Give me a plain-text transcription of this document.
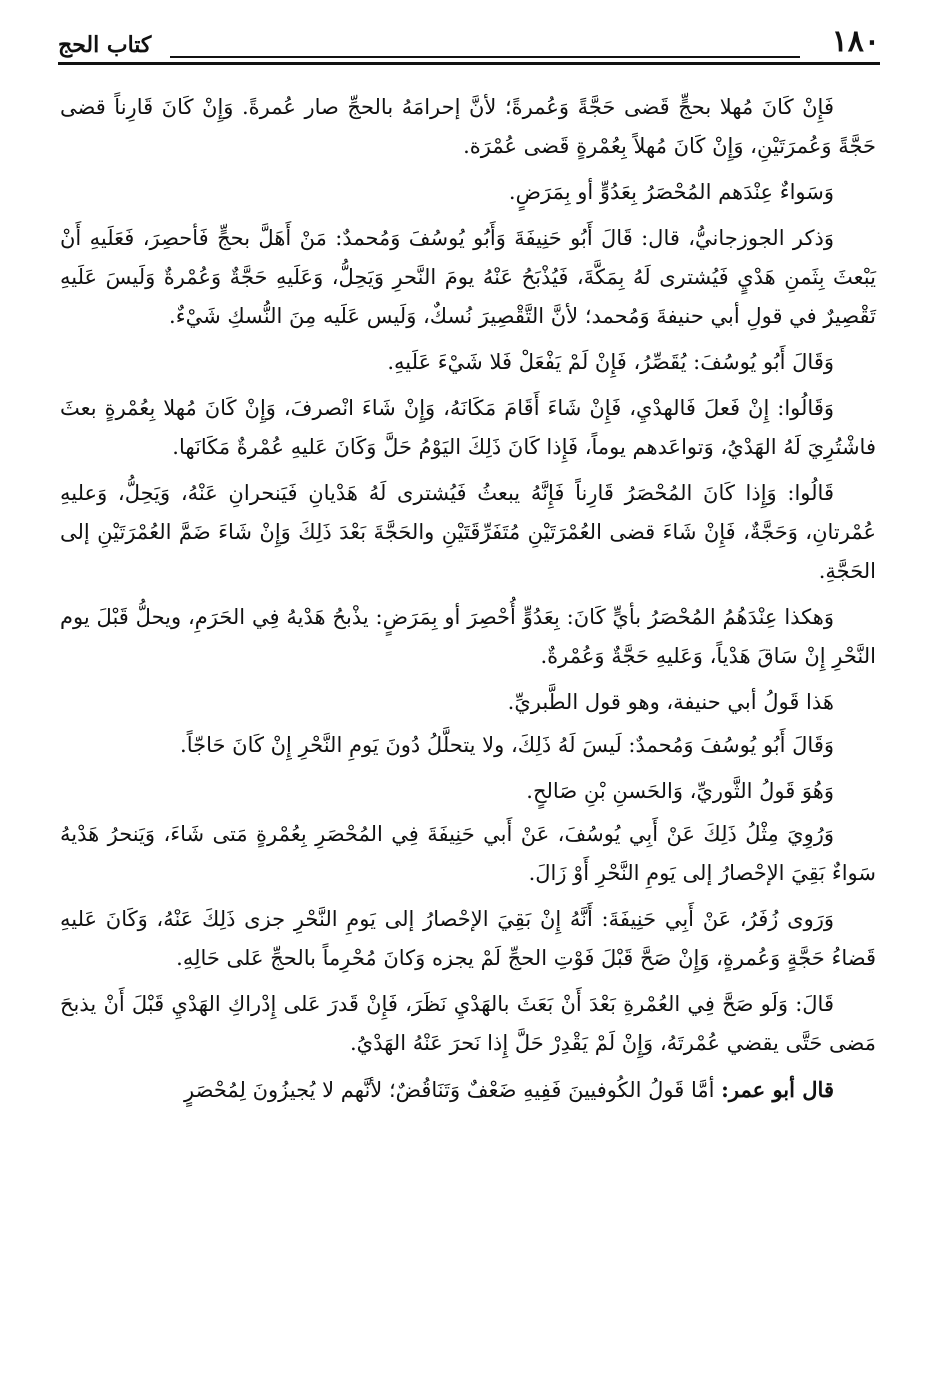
١٨٠
كتاب الحج

فَإِنْ كَانَ مُهلا بحجٍّ قَضى حَجَّةً وَعُمرةً؛ لأنَّ إحرامَهُ بالحجِّ صار عُمرةً. وَإِنْ كَانَ قَارِناً قضى حَجَّةً وَعُمرَتَيْنِ، وَإِنْ كَانَ مُهلاً بِعُمْرةٍ قَضى عُمْرَة.

وَسَواءٌ عِنْدَهم المُحْصَرُ بِعَدُوٍّ أو بِمَرَضٍ.

وَذكر الجوزجانيُّ، قال: قَالَ أَبُو حَنِيفَةَ وَأَبُو يُوسُفَ وَمُحمدٌ: مَنْ أَهَلَّ بحجٍّ فَأحصِرَ، فَعَلَيهِ أَنْ يَبْعثَ بِثَمنِ هَدْيٍ فَيُشترى لَهُ بِمَكَّةَ، فَيُذْبَحُ عَنْهُ يومَ النَّحرِ وَيَحِلُّ، وَعَلَيهِ حَجَّةٌ وَعُمْرةٌ وَلَيسَ عَلَيهِ تَقْصِيرٌ في قولِ أبي حنيفةَ وَمُحمد؛ لأنَّ التَّقْصِيرَ نُسكٌ، وَلَيس عَلَيه مِنَ النُّسكِ شَيْءٌ.

وَقَالَ أَبُو يُوسُفَ: يُقَصِّرُ، فَإِنْ لَمْ يَفْعَلْ فَلا شَيْءَ عَلَيهِ.

وَقَالُوا: إِنْ فَعلَ فَالهدْيِ، فَإِنْ شَاءَ أَقَامَ مَكَانَهُ، وَإِنْ شَاءَ انْصرفَ، وَإِنْ كَانَ مُهلا بِعُمْرةٍ بعثَ فاشْتُرِيَ لَهُ الهَدْيُ، وَتواعَدهم يوماً، فَإِذا كَانَ ذَلِكَ اليَوْمُ حَلَّ وَكَانَ عَليهِ عُمْرةٌ مَكَانَها.

قَالُوا: وَإِذا كَانَ المُحْصَرُ قَارِناً فَإِنَّهُ يبعثُ فَيُشترى لَهُ هَدْيانِ فَيَنحرانِ عَنْهُ، وَيَحِلُّ، وَعليهِ عُمْرتانِ، وَحَجَّةٌ، فَإِنْ شَاءَ قضى العُمْرَتَيْنِ مُتَفَرِّقَتَيْنِ والحَجَّةَ بَعْدَ ذَلِكَ وَإِنْ شَاءَ ضَمَّ العُمْرَتَيْنِ إلى الحَجَّةِ.

وَهكذا عِنْدَهُمُ المُحْصَرُ بأيٍّ كَانَ: بِعَدُوٍّ أُحْصِرَ أو بِمَرَضٍ: يذْبحُ هَدْيهُ فِي الحَرَمِ، ويحلُّ قَبْلَ يوم النَّحْرِ إِنْ سَاقَ هَدْياً، وَعَليهِ حَجَّةٌ وَعُمْرةٌ.

هَذا قَولُ أبي حنيفة، وهو قول الطَّبريِّ.

وَقَالَ أَبُو يُوسُفَ وَمُحمدٌ: لَيسَ لَهُ ذَلِكَ، ولا يتحلَّلُ دُونَ يَومِ النَّحْرِ إِنْ كَانَ حَاجّاً.

وَهُوَ قَولُ الثَّوريِّ، وَالحَسنِ بْنِ صَالحٍ.

وَرُوِيَ مِثْلُ ذَلِكَ عَنْ أَبِي يُوسُفَ، عَنْ أَبي حَنِيفَةَ فِي المُحْصَرِ بِعُمْرةٍ مَتى شَاءَ، وَيَنحرُ هَدْيهُ سَواءٌ بَقِيَ الإحْصارُ إلى يَومِ النَّحْرِ أَوْ زَالَ.

وَرَوى زُفَرُ، عَنْ أَبِي حَنِيفَةَ: أَنَّهُ إِنْ بَقِيَ الإحْصارُ إلى يَومِ النَّحْرِ جزى ذَلِكَ عَنْهُ، وَكَانَ عَليهِ قَضاءُ حَجَّةٍ وَعُمرةٍ، وَإِنْ صَحَّ قَبْلَ فَوْتِ الحجِّ لَمْ يجزه وَكانَ مُحْرِماً بالحجِّ عَلى حَالِهِ.

قَالَ: وَلَو صَحَّ فِي العُمْرةِ بَعْدَ أَنْ بَعَثَ بالهَدْيِ نَظَرَ، فَإِنْ قَدرَ عَلى إِدْراكِ الهَدْيِ قَبْلَ أَنْ يذبحَ مَضى حَتَّى يقضي عُمْرتَهُ، وَإِنْ لَمْ يَقْدِرْ حَلَّ إِذا نَحرَ عَنْهُ الهَدْيُ.

قال أبو عمر: أمَّا قَولُ الكُوفيينَ فَفِيهِ ضَعْفٌ وَتَنَاقُضٌ؛ لأنَّهم لا يُجيزُونَ لِمُحْصَرٍ
